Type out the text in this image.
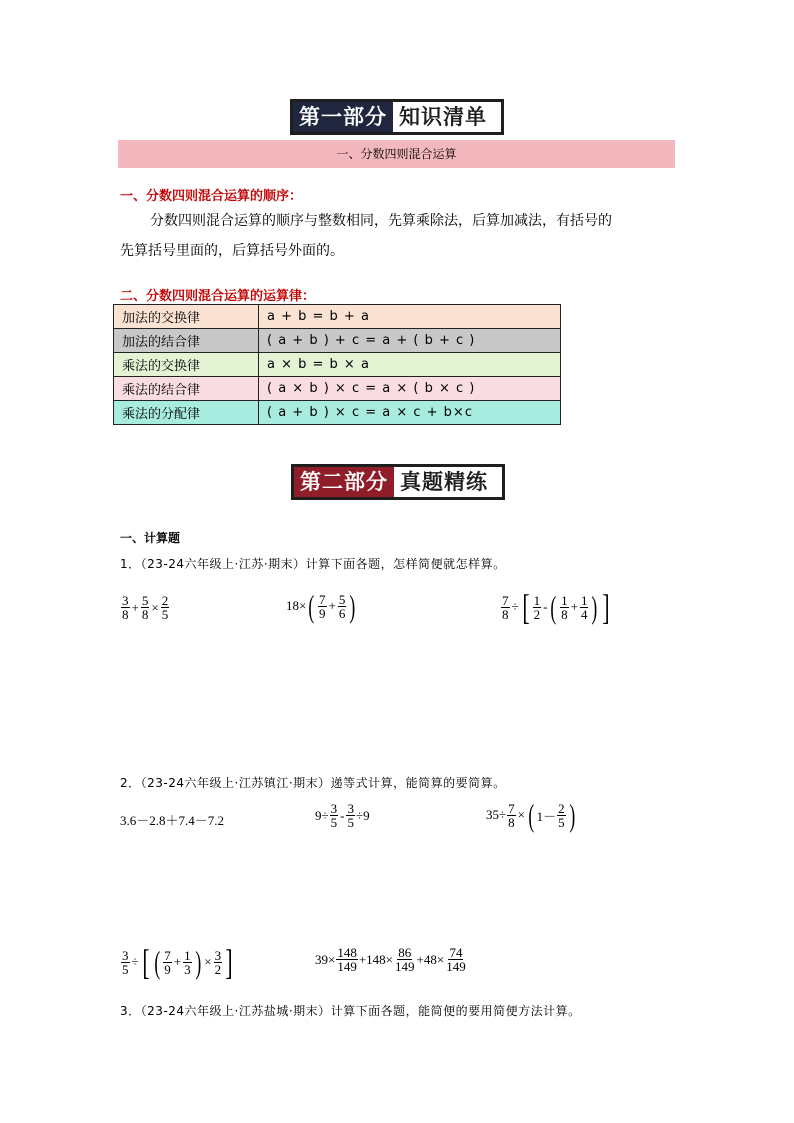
第一部分 知识清单
一、分数四则混合运算
一、分数四则混合运算的顺序：
分数四则混合运算的顺序与整数相同，先算乘除法，后算加减法，有括号的
先算括号里面的，后算括号外面的。
二、分数四则混合运算的运算律：
加法的交换律	a + b = b + a
加法的结合律	( a + b ) + c = a + ( b + c )
乘法的交换律	a × b = b × a
乘法的结合律	( a × b ) × c = a × ( b × c )
乘法的分配律	( a + b ) × c = a × c + b×c
第二部分 真题精练
一、计算题
1．（23-24六年级上·江苏·期末）计算下面各题，怎样简便就怎样算。
$\frac{3}{8} + \frac{5}{8} \times \frac{2}{5}$	18× ( $\frac{7}{9} + \frac{5}{6}$ )	$\frac{7}{8}$ ÷ [ $\frac{1}{2}$ - ( $\frac{1}{8} + \frac{1}{4}$ ) ]
2．（23-24六年级上·江苏镇江·期末）递等式计算，能简算的要简算。
3.6－2.8＋7.4－7.2	$9\div \frac{3}{5} - \frac{3}{5} \div 9$	$35\div \frac{7}{8}$ × ( $1- \frac{2}{5}$ )
$\frac{3}{5}$ ÷ [ ( $\frac{7}{9} + \frac{1}{3}$ ) × $\frac{3}{2}$ ]	$39\times \frac{148}{149} +148\times \frac{86}{149} +48\times \frac{74}{149}$
3．（23-24六年级上·江苏盐城·期末）计算下面各题，能简便的要用简便方法计算。
